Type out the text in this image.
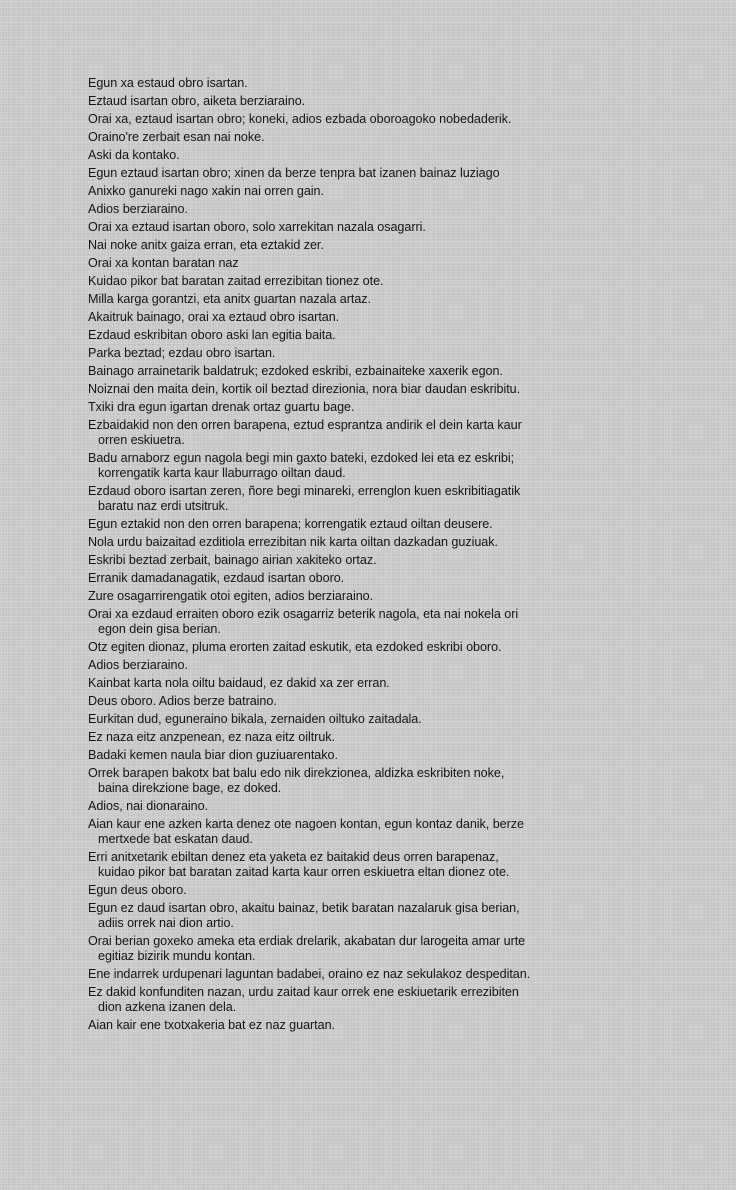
Egun xa estaud obro isartan.

Eztaud isartan obro, aiketa berziaraino.

Orai xa, eztaud isartan obro; koneki, adios ezbada oboroagoko nobedaderik.

Oraino're zerbait esan nai noke.

Aski da kontako.

Egun eztaud isartan obro; xinen da berze tenpra bat izanen bainaz luziago

Anixko ganureki nago xakin nai orren gain.

Adios berziaraino.

Orai xa eztaud isartan oboro, solo xarrekitan nazala osagarri.

Nai noke anitx gaiza erran, eta eztakid zer.

Orai xa kontan baratan naz

Kuidao pikor bat baratan zaitad errezibitan tionez ote.

Milla karga gorantzi, eta anitx guartan nazala artaz.

Akaitruk bainago, orai xa eztaud obro isartan.

Ezdaud eskribitan oboro aski lan egitia baita.

Parka beztad; ezdau obro isartan.

Bainago arrainetarik baldatruk; ezdoked eskribi, ezbainaiteke xaxerik egon.

Noiznai den maita dein, kortik oil beztad direzionia, nora biar daudan eskribitu.

Txiki dra egun igartan drenak ortaz guartu bage.

Ezbaidakid non den orren barapena, eztud esprantza andirik el dein karta kaur orren eskiuetra.

Badu arnaborz egun nagola begi min gaxto bateki, ezdoked lei eta ez eskribi; korrengatik karta kaur llaburrago oiltan daud.

Ezdaud oboro isartan zeren, ñore begi minareki, errenglon kuen eskribitiagatik baratu naz erdi utsitruk.

Egun eztakid non den orren barapena; korrengatik eztaud oiltan deusere.

Nola urdu baizaitad ezditiola errezibitan nik karta oiltan dazkadan guziuak.

Eskribi beztad zerbait, bainago airian xakiteko ortaz.

Erranik damadanagatik, ezdaud isartan oboro.

Zure osagarrirengatik otoi egiten, adios berziaraino.

Orai xa ezdaud erraiten oboro ezik osagarriz beterik nagola, eta nai nokela ori egon dein gisa berian.

Otz egiten dionaz, pluma erorten zaitad eskutik, eta ezdoked eskribi oboro.

Adios berziaraino.

Kainbat karta nola oiltu baidaud, ez dakid xa zer erran.

Deus oboro. Adios berze batraino.

Eurkitan dud, eguneraino bikala, zernaiden oiltuko zaitadala.

Ez naza eitz anzpenean, ez naza eitz oiltruk.

Badaki kemen naula biar dion guziuarentako.

Orrek barapen bakotx bat balu edo nik direkzionea, aldizka eskribiten noke, baina direkzione bage, ez doked.

Adios, nai dionaraino.

Aian kaur ene azken karta denez ote nagoen kontan, egun kontaz danik, berze mertxede bat eskatan daud.

Erri anitxetarik ebiltan denez eta yaketa ez baitakid deus orren barapenaz, kuidao pikor bat baratan zaitad karta kaur orren eskiuetra eltan dionez ote.

Egun deus oboro.

Egun ez daud isartan obro, akaitu bainaz, betik baratan nazalaruk gisa berian, adiis orrek nai dion artio.

Orai berian goxeko ameka eta erdiak drelarik, akabatan dur larogeita amar urte egitiaz bizirik mundu kontan.

Ene indarrek urdupenari laguntan badabei, oraino ez naz sekulakoz despeditan.

Ez dakid konfunditen nazan, urdu zaitad kaur orrek ene eskiuetarik errezibiten dion azkena izanen dela.

Aian kair ene txotxakeria bat ez naz guartan.
